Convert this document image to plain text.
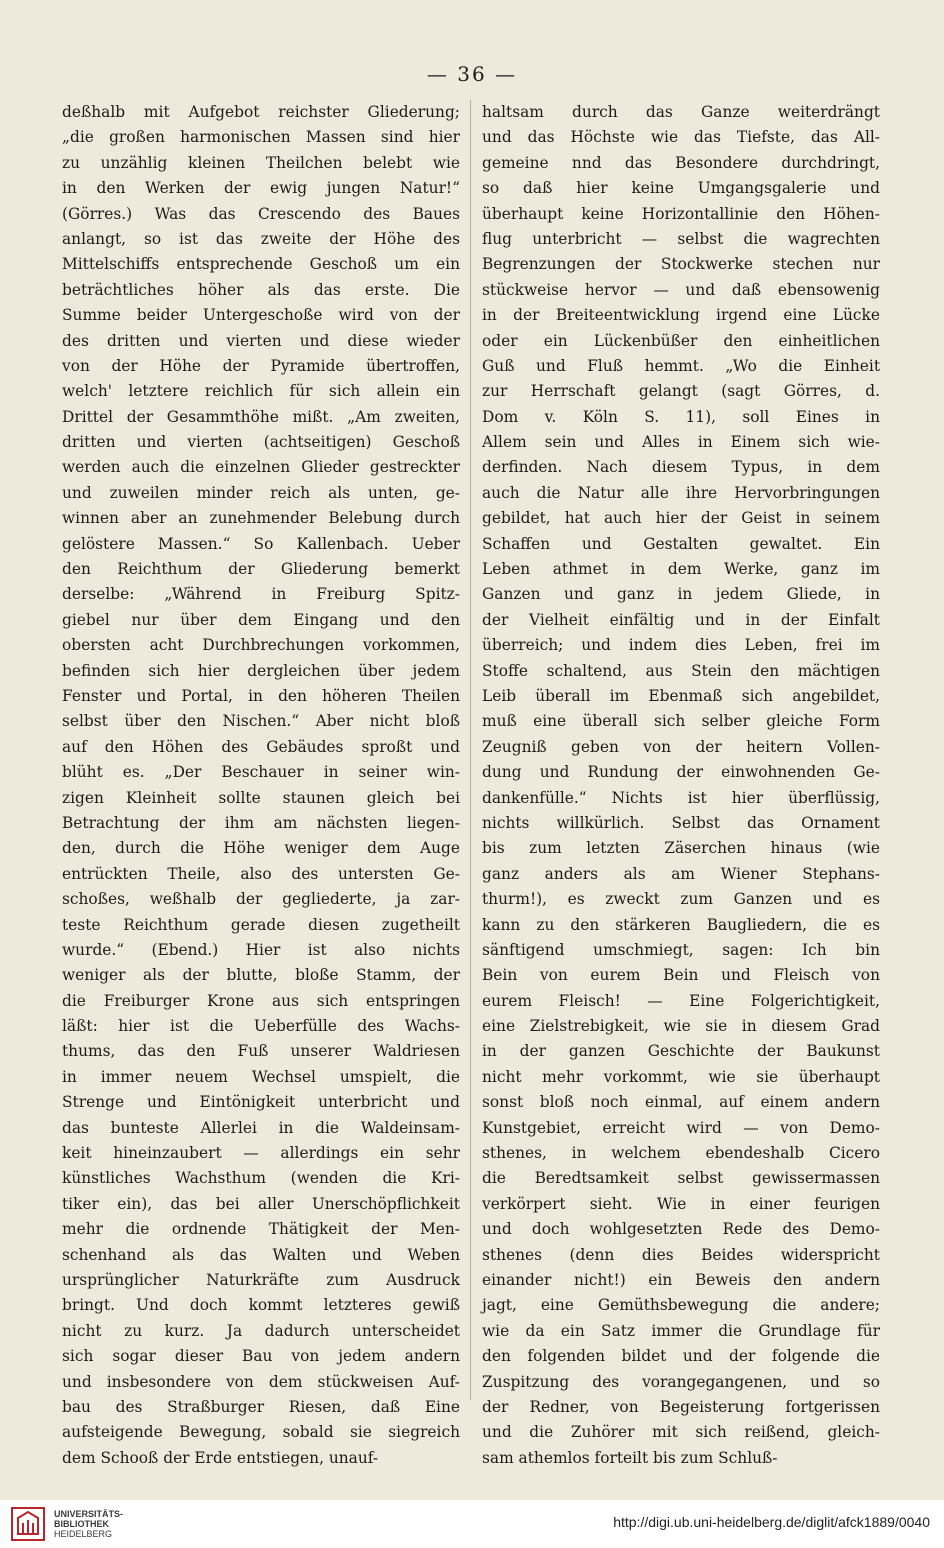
— 36 —
deßhalb mit Aufgebot reichster Gliederung;
„die großen harmonischen Massen sind hier
zu unzählig kleinen Theilchen belebt wie
in den Werken der ewig jungen Natur!“
(Görres.) Was das Crescendo des Baues
anlangt, so ist das zweite der Höhe des
Mittelschiffs entsprechende Geschoß um ein
beträchtliches höher als das erste. Die
Summe beider Untergeschoße wird von der
des dritten und vierten und diese wieder
von der Höhe der Pyramide übertroffen,
welch' letztere reichlich für sich allein ein
Drittel der Gesammthöhe mißt. „Am zweiten,
dritten und vierten (achtseitigen) Geschoß
werden auch die einzelnen Glieder gestreckter
und zuweilen minder reich als unten, ge-
winnen aber an zunehmender Belebung durch
gelöstere Massen.“ So Kallenbach. Ueber
den Reichthum der Gliederung bemerkt
derselbe: „Während in Freiburg Spitz-
giebel nur über dem Eingang und den
obersten acht Durchbrechungen vorkommen,
befinden sich hier dergleichen über jedem
Fenster und Portal, in den höheren Theilen
selbst über den Nischen.“ Aber nicht bloß
auf den Höhen des Gebäudes sproßt und
blüht es. „Der Beschauer in seiner win-
zigen Kleinheit sollte staunen gleich bei
Betrachtung der ihm am nächsten liegen-
den, durch die Höhe weniger dem Auge
entrückten Theile, also des untersten Ge-
schoßes, weßhalb der gegliederte, ja zar-
teste Reichthum gerade diesen zugetheilt
wurde.“ (Ebend.) Hier ist also nichts
weniger als der blutte, bloße Stamm, der
die Freiburger Krone aus sich entspringen
läßt: hier ist die Ueberfülle des Wachs-
thums, das den Fuß unserer Waldriesen
in immer neuem Wechsel umspielt, die
Strenge und Eintönigkeit unterbricht und
das bunteste Allerlei in die Waldeinsam-
keit hineinzaubert — allerdings ein sehr
künstliches Wachsthum (wenden die Kri-
tiker ein), das bei aller Unerschöpflichkeit
mehr die ordnende Thätigkeit der Men-
schenhand als das Walten und Weben
ursprünglicher Naturkräfte zum Ausdruck
bringt. Und doch kommt letzteres gewiß
nicht zu kurz. Ja dadurch unterscheidet
sich sogar dieser Bau von jedem andern
und insbesondere von dem stückweisen Auf-
bau des Straßburger Riesen, daß Eine
aufsteigende Bewegung, sobald sie siegreich
dem Schooß der Erde entstiegen, unauf-
haltsam durch das Ganze weiterdrängt
und das Höchste wie das Tiefste, das All-
gemeine nnd das Besondere durchdringt,
so daß hier keine Umgangsgalerie und
überhaupt keine Horizontallinie den Höhen-
flug unterbricht — selbst die wagrechten
Begrenzungen der Stockwerke stechen nur
stückweise hervor — und daß ebensowenig
in der Breiteentwicklung irgend eine Lücke
oder ein Lückenbüßer den einheitlichen
Guß und Fluß hemmt. „Wo die Einheit
zur Herrschaft gelangt (sagt Görres, d.
Dom v. Köln S. 11), soll Eines in
Allem sein und Alles in Einem sich wie-
derfinden. Nach diesem Typus, in dem
auch die Natur alle ihre Hervorbringungen
gebildet, hat auch hier der Geist in seinem
Schaffen und Gestalten gewaltet. Ein
Leben athmet in dem Werke, ganz im
Ganzen und ganz in jedem Gliede, in
der Vielheit einfältig und in der Einfalt
überreich; und indem dies Leben, frei im
Stoffe schaltend, aus Stein den mächtigen
Leib überall im Ebenmaß sich angebildet,
muß eine überall sich selber gleiche Form
Zeugniß geben von der heitern Vollen-
dung und Rundung der einwohnenden Ge-
dankenfülle.“ Nichts ist hier überflüssig,
nichts willkürlich. Selbst das Ornament
bis zum letzten Zäserchen hinaus (wie
ganz anders als am Wiener Stephans-
thurm!), es zweckt zum Ganzen und es
kann zu den stärkeren Baugliedern, die es
sänftigend umschmiegt, sagen: Ich bin
Bein von eurem Bein und Fleisch von
eurem Fleisch! — Eine Folgerichtigkeit,
eine Zielstrebigkeit, wie sie in diesem Grad
in der ganzen Geschichte der Baukunst
nicht mehr vorkommt, wie sie überhaupt
sonst bloß noch einmal, auf einem andern
Kunstgebiet, erreicht wird — von Demo-
sthenes, in welchem ebendeshalb Cicero
die Beredtsamkeit selbst gewissermassen
verkörpert sieht. Wie in einer feurigen
und doch wohlgesetzten Rede des Demo-
sthenes (denn dies Beides widerspricht
einander nicht!) ein Beweis den andern
jagt, eine Gemüthsbewegung die andere;
wie da ein Satz immer die Grundlage für
den folgenden bildet und der folgende die
Zuspitzung des vorangegangenen, und so
der Redner, von Begeisterung fortgerissen
und die Zuhörer mit sich reißend, gleich-
sam athemlos forteilt bis zum Schluß-
UNIVERSITÄTS-
BIBLIOTHEK
HEIDELBERG
http://digi.ub.uni-heidelberg.de/diglit/afck1889/0040
